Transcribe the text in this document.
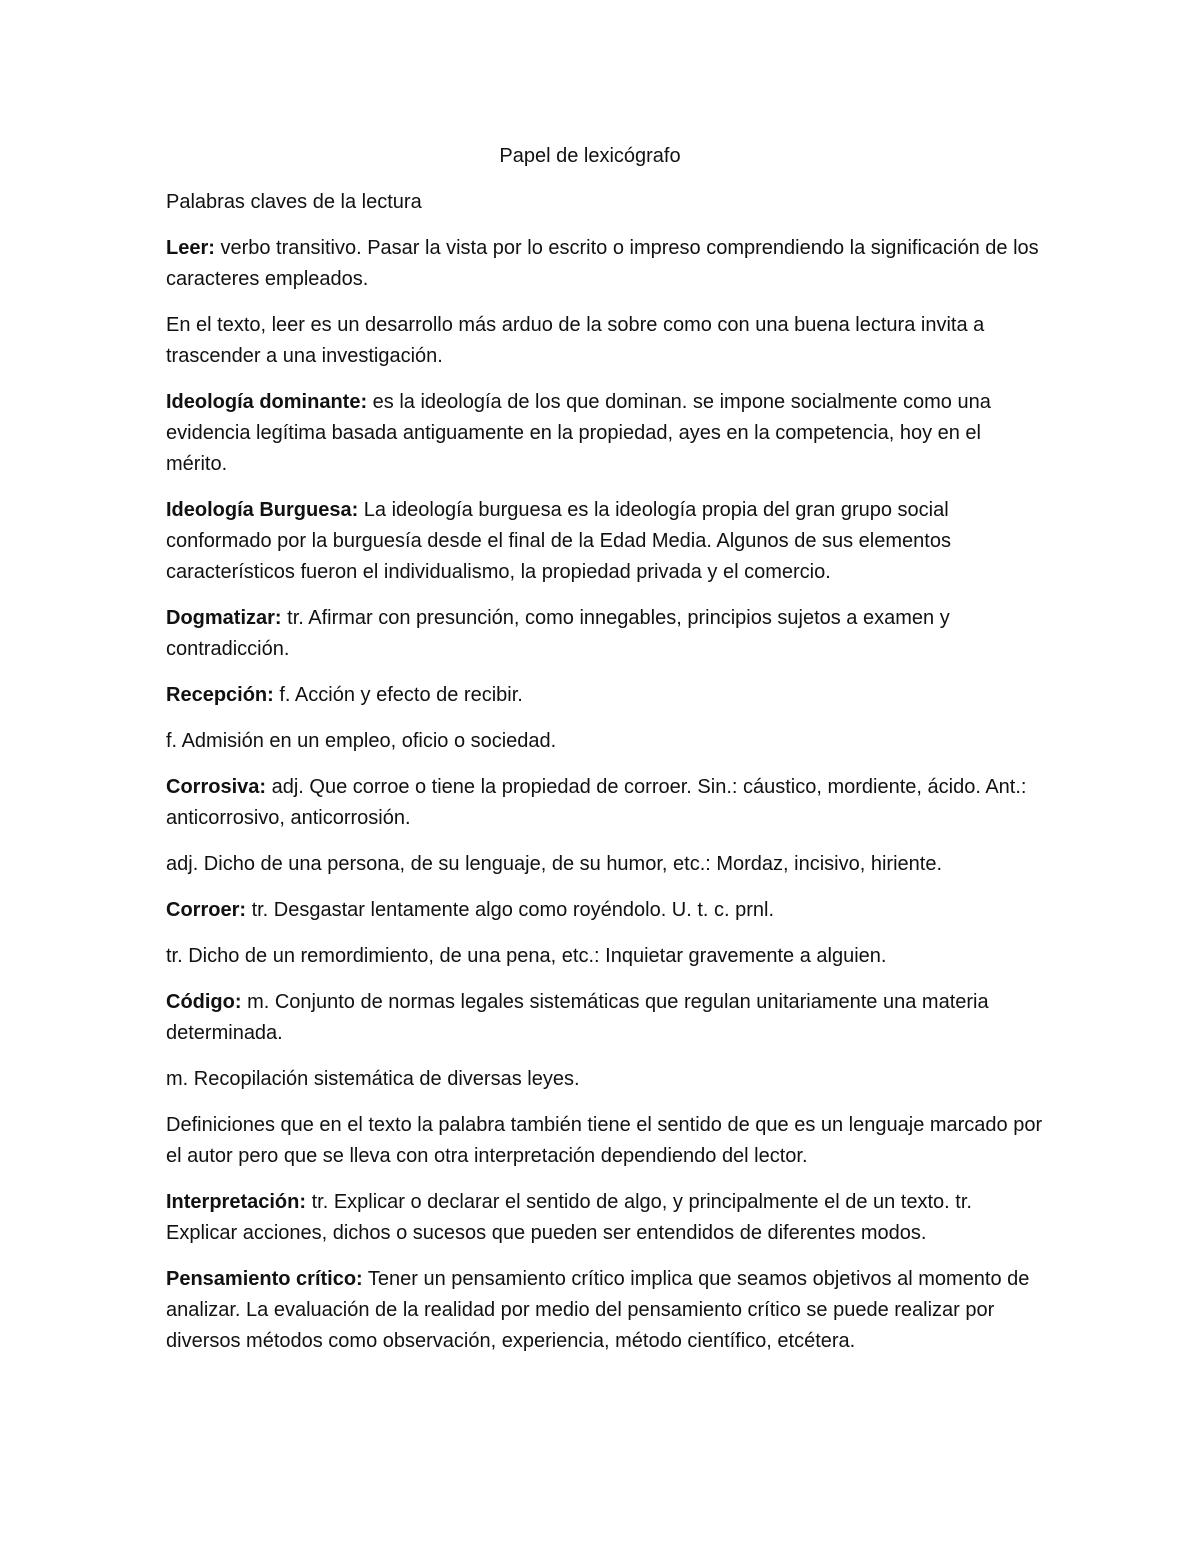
Papel de lexicógrafo

Palabras claves de la lectura

Leer: verbo transitivo. Pasar la vista por lo escrito o impreso comprendiendo la significación de los caracteres empleados.

En el texto, leer es un desarrollo más arduo de la sobre como con una buena lectura invita a trascender a una investigación.

Ideología dominante: es la ideología de los que dominan. se impone socialmente como una evidencia legítima basada antiguamente en la propiedad, ayes en la competencia, hoy en el mérito.

Ideología Burguesa: La ideología burguesa es la ideología propia del gran grupo social conformado por la burguesía desde el final de la Edad Media. Algunos de sus elementos característicos fueron el individualismo, la propiedad privada y el comercio.

Dogmatizar: tr. Afirmar con presunción, como innegables, principios sujetos a examen y contradicción.

Recepción: f. Acción y efecto de recibir.

f. Admisión en un empleo, oficio o sociedad.

Corrosiva: adj. Que corroe o tiene la propiedad de corroer. Sin.: cáustico, mordiente, ácido. Ant.: anticorrosivo, anticorrosión.

adj. Dicho de una persona, de su lenguaje, de su humor, etc.: Mordaz, incisivo, hiriente.

Corroer: tr. Desgastar lentamente algo como royéndolo. U. t. c. prnl.

tr. Dicho de un remordimiento, de una pena, etc.: Inquietar gravemente a alguien.

Código: m. Conjunto de normas legales sistemáticas que regulan unitariamente una materia determinada.

m. Recopilación sistemática de diversas leyes.

Definiciones que en el texto la palabra también tiene el sentido de que es un lenguaje marcado por el autor pero que se lleva con otra interpretación dependiendo del lector.

Interpretación: tr. Explicar o declarar el sentido de algo, y principalmente el de un texto. tr. Explicar acciones, dichos o sucesos que pueden ser entendidos de diferentes modos.

Pensamiento crítico: Tener un pensamiento crítico implica que seamos objetivos al momento de analizar. La evaluación de la realidad por medio del pensamiento crítico se puede realizar por diversos métodos como observación, experiencia, método científico, etcétera.
